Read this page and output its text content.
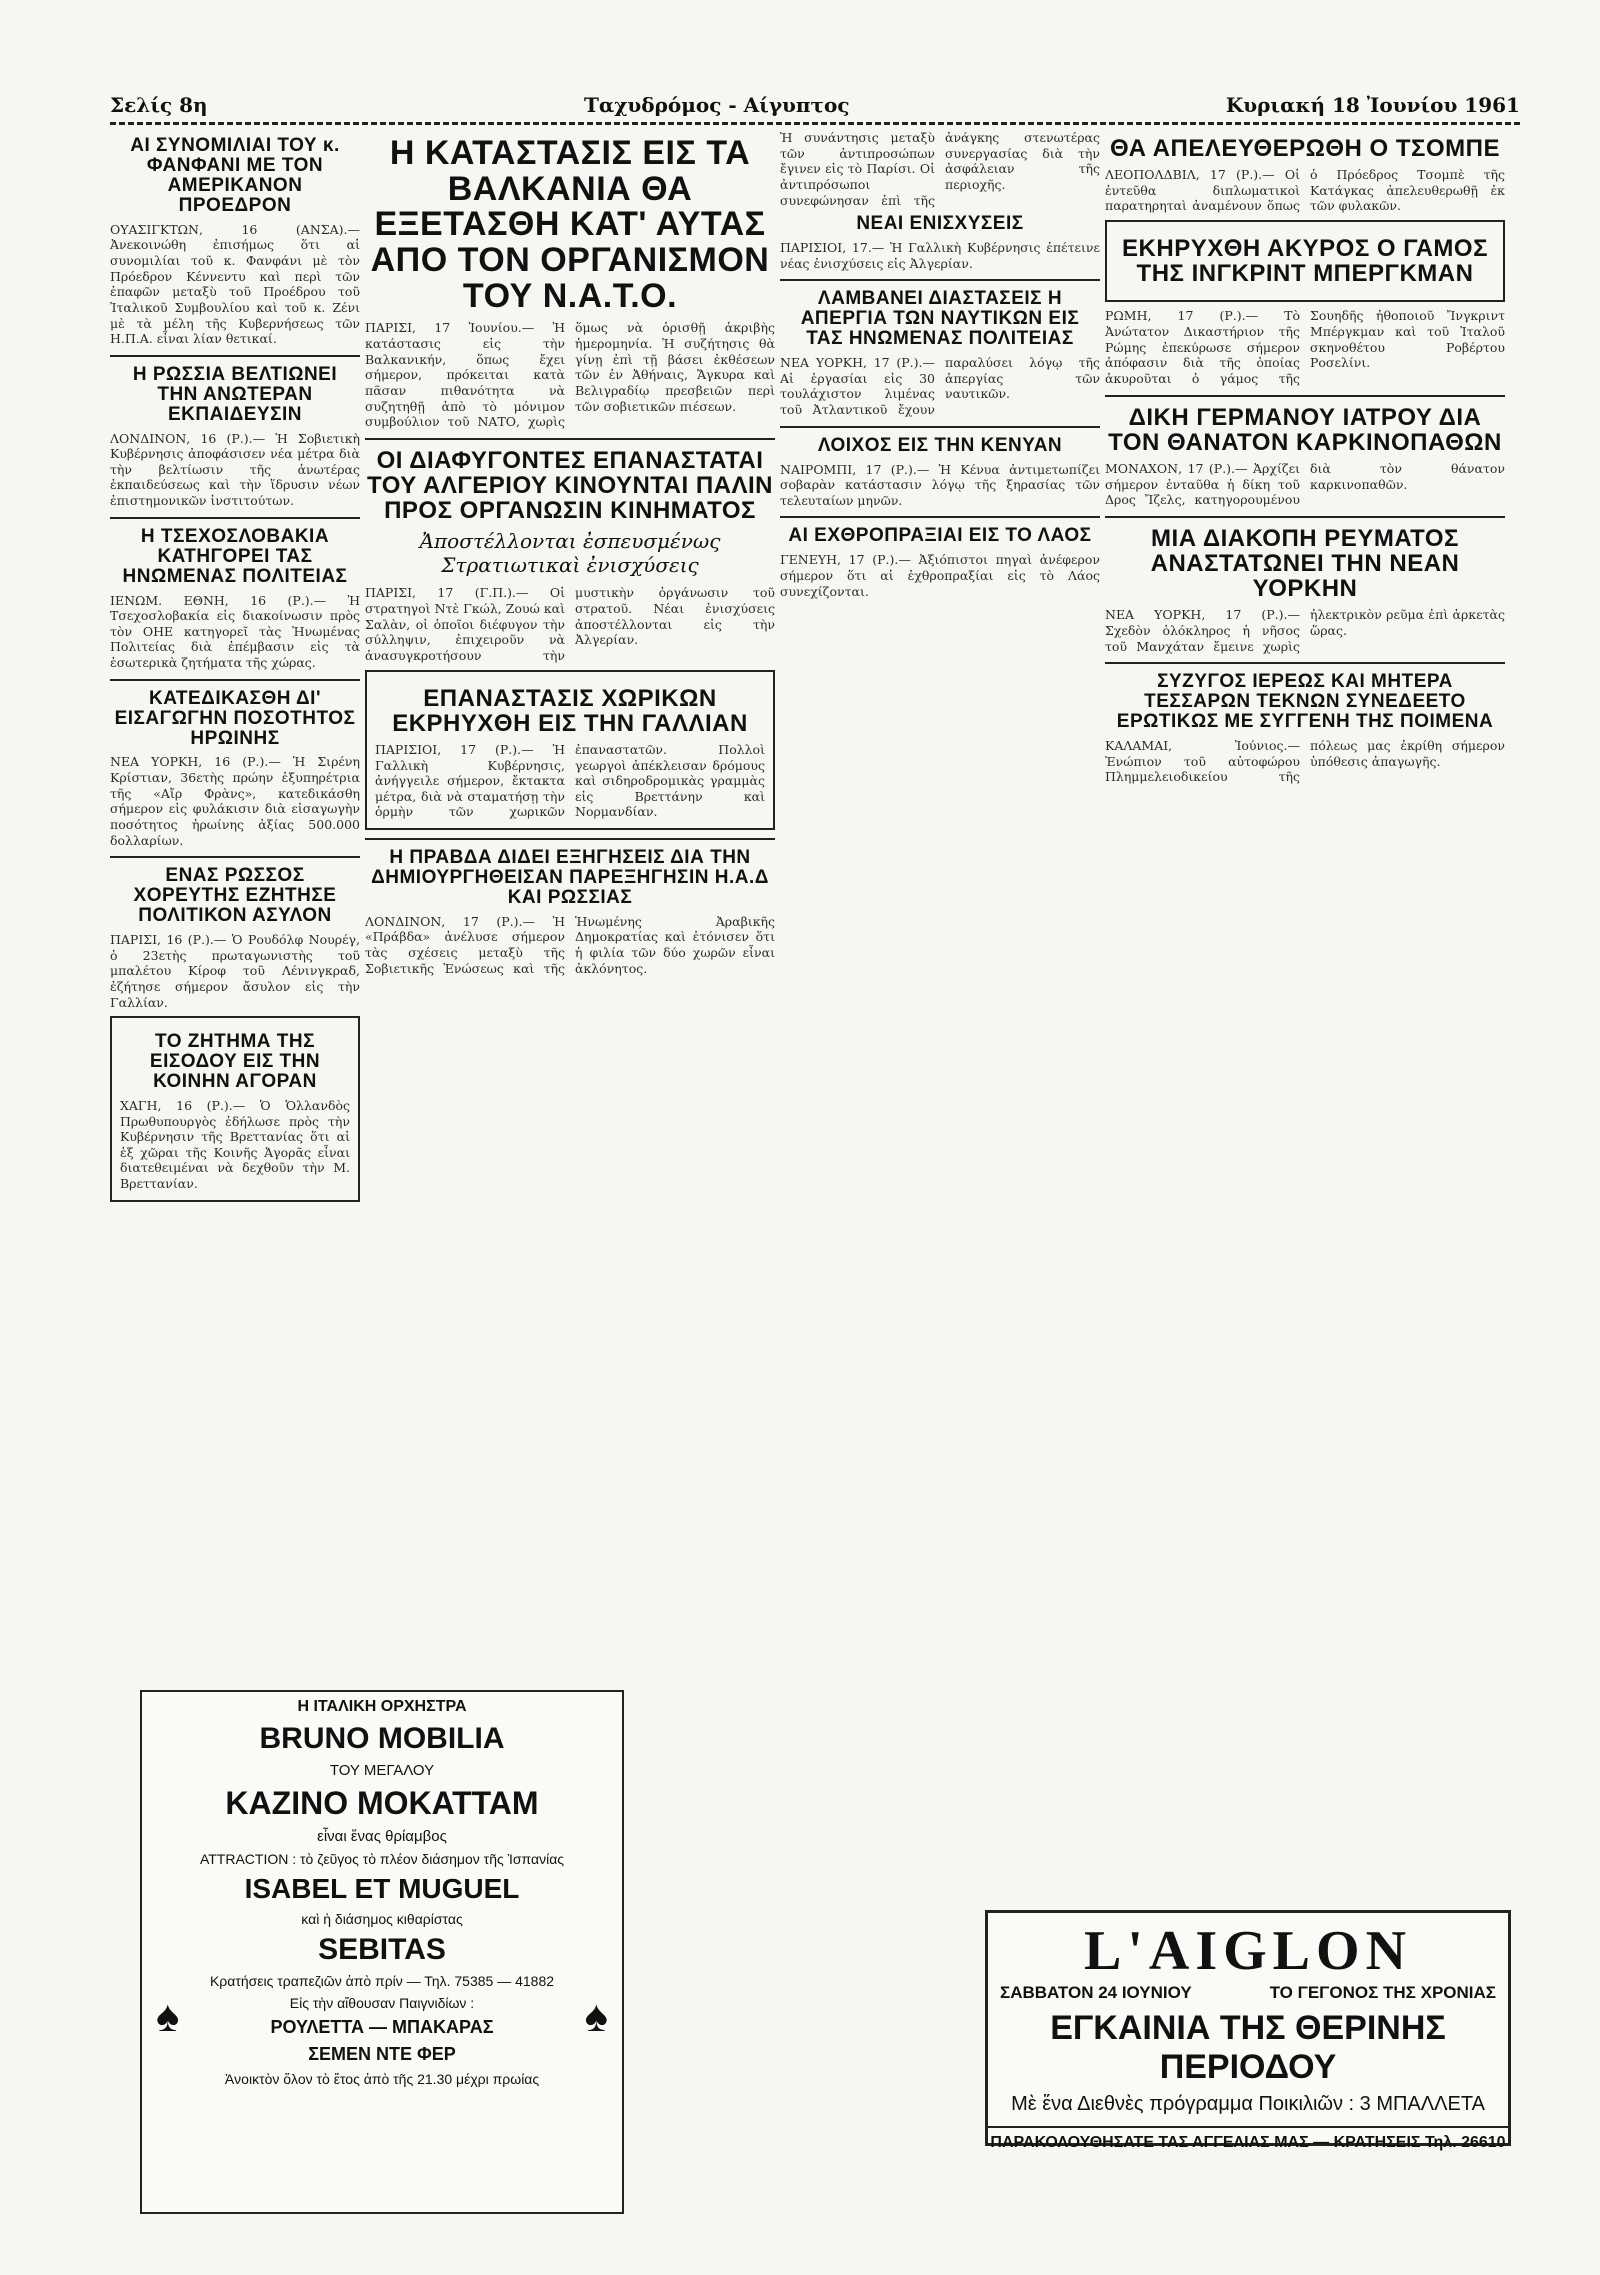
Σελίς 8η	Ταχυδρόμος - Αίγυπτος	Κυριακή 18 Ἰουνίου 1961
ΑΙ ΣΥΝΟΜΙΛΙΑΙ ΤΟΥ κ. ΦΑΝΦΑΝΙ ΜΕ ΤΟΝ ΑΜΕΡΙΚΑΝΟΝ ΠΡΟΕΔΡΟΝ

ΟΥΑΣΙΓΚΤΩΝ, 16 (ΑΝΣΑ).— Ἀνεκοινώθη ἐπισήμως ὅτι αἱ συνομιλίαι τοῦ κ. Φανφάνι μὲ τὸν Πρόεδρον Κέννεντυ καὶ περὶ τῶν ἐπαφῶν μεταξὺ τοῦ Προέδρου τοῦ Ἰταλικοῦ Συμβουλίου καὶ τοῦ κ. Ζένι μὲ τὰ μέλη τῆς Κυβερνήσεως τῶν Η.Π.Α. εἶναι λίαν θετικαί.

Η ΡΩΣΣΙΑ ΒΕΛΤΙΩΝΕΙ ΤΗΝ ΑΝΩΤΕΡΑΝ ΕΚΠΑΙΔΕΥΣΙΝ

ΛΟΝΔΙΝΟΝ, 16 (Ρ.).— Ἡ Σοβιετικὴ Κυβέρνησις ἀποφάσισεν νέα μέτρα διὰ τὴν βελτίωσιν τῆς ἀνωτέρας ἐκπαιδεύσεως καὶ τὴν ἵδρυσιν νέων ἐπιστημονικῶν ἰνστιτούτων.

Η ΤΣΕΧΟΣΛΟΒΑΚΙΑ ΚΑΤΗΓΟΡΕΙ ΤΑΣ ΗΝΩΜΕΝΑΣ ΠΟΛΙΤΕΙΑΣ

ΙΕΝΩΜ. ΕΘΝΗ, 16 (Ρ.).— Ἡ Τσεχοσλοβακία εἰς διακοίνωσιν πρὸς τὸν ΟΗΕ κατηγορεῖ τὰς Ἡνωμένας Πολιτείας διὰ ἐπέμβασιν εἰς τὰ ἐσωτερικὰ ζητήματα τῆς χώρας.

ΚΑΤΕΔΙΚΑΣΘΗ ΔΙ' ΕΙΣΑΓΩΓΗΝ ΠΟΣΟΤΗΤΟΣ ΗΡΩΙΝΗΣ

ΝΕΑ ΥΟΡΚΗ, 16 (Ρ.).— Ἡ Σιρένη Κρίστιαν, 36ετὴς πρώην ἐξυπηρέτρια τῆς «Αἴρ Φρὰνς», κατεδικάσθη σήμερον εἰς φυλάκισιν διὰ εἰσαγωγὴν ποσότητος ἡρωίνης ἀξίας 500.000 δολλαρίων.

ΕΝΑΣ ΡΩΣΣΟΣ ΧΟΡΕΥΤΗΣ ΕΖΗΤΗΣΕ ΠΟΛΙΤΙΚΟΝ ΑΣΥΛΟΝ

ΠΑΡΙΣΙ, 16 (Ρ.).— Ὁ Ρουδόλφ Νουρέγ, ὁ 23ετὴς πρωταγωνιστὴς τοῦ μπαλέτου Κίροφ τοῦ Λένινγκραδ, ἐζήτησε σήμερον ἄσυλον εἰς τὴν Γαλλίαν.

ΤΟ ΖΗΤΗΜΑ ΤΗΣ ΕΙΣΟΔΟΥ ΕΙΣ ΤΗΝ ΚΟΙΝΗΝ ΑΓΟΡΑΝ

ΧΑΓΗ, 16 (Ρ.).— Ὁ Ὁλλανδὸς Πρωθυπουργὸς ἐδήλωσε πρὸς τὴν Κυβέρνησιν τῆς Βρεττανίας ὅτι αἱ ἑξ χῶραι τῆς Κοινῆς Ἀγορᾶς εἶναι διατεθειμέναι νὰ δεχθοῦν τὴν Μ. Βρεττανίαν.

Η ΚΑΤΑΣΤΑΣΙΣ ΕΙΣ ΤΑ ΒΑΛΚΑΝΙΑ ΘΑ ΕΞΕΤΑΣΘΗ ΚΑΤ' ΑΥΤΑΣ ΑΠΟ ΤΟΝ ΟΡΓΑΝΙΣΜΟΝ ΤΟΥ Ν.Α.Τ.Ο.

ΠΑΡΙΣΙ, 17 Ἰουνίου.— Ἡ κατάστασις εἰς τὴν Βαλκανικήν, ὅπως ἔχει σήμερον, πρόκειται κατὰ πᾶσαν πιθανότητα νὰ συζητηθῇ ἀπὸ τὸ μόνιμον συμβούλιον τοῦ ΝΑΤΟ, χωρὶς ὅμως νὰ ὁρισθῇ ἀκριβὴς ἡμερομηνία. Ἡ συζήτησις θὰ γίνῃ ἐπὶ τῇ βάσει ἐκθέσεων τῶν ἐν Ἀθήναις, Ἄγκυρα καὶ Βελιγραδίῳ πρεσβειῶν περὶ τῶν σοβιετικῶν πιέσεων.

ΟΙ ΔΙΑΦΥΓΟΝΤΕΣ ΕΠΑΝΑΣΤΑΤΑΙ ΤΟΥ ΑΛΓΕΡΙΟΥ ΚΙΝΟΥΝΤΑΙ ΠΑΛΙΝ ΠΡΟΣ ΟΡΓΑΝΩΣΙΝ ΚΙΝΗΜΑΤΟΣ
Ἀποστέλλονται ἐσπευσμένως Στρατιωτικαὶ ἐνισχύσεις

ΠΑΡΙΣΙ, 17 (Γ.Π.).— Οἱ στρατηγοὶ Ντὲ Γκώλ, Ζουώ καὶ Σαλὰν, οἱ ὁποῖοι διέφυγον τὴν σύλληψιν, ἐπιχειροῦν νὰ ἀνασυγκροτήσουν τὴν μυστικὴν ὀργάνωσιν τοῦ στρατοῦ. Νέαι ἐνισχύσεις ἀποστέλλονται εἰς τὴν Ἀλγερίαν.

ΕΠΑΝΑΣΤΑΣΙΣ ΧΩΡΙΚΩΝ ΕΚΡΗΥΧΘΗ ΕΙΣ ΤΗΝ ΓΑΛΛΙΑΝ

ΠΑΡΙΣΙΟΙ, 17 (Ρ.).— Ἡ Γαλλικὴ Κυβέρνησις, ἀνήγγειλε σήμερον, ἔκτακτα μέτρα, διὰ νὰ σταματήσῃ τὴν ὁρμὴν τῶν χωρικῶν ἐπαναστατῶν. Πολλοὶ γεωργοὶ ἀπέκλεισαν δρόμους καὶ σιδηροδρομικὰς γραμμὰς εἰς Βρεττάνην καὶ Νορμανδίαν.

Η ΠΡΑΒΔΑ ΔΙΔΕΙ ΕΞΗΓΗΣΕΙΣ ΔΙΑ ΤΗΝ ΔΗΜΙΟΥΡΓΗΘΕΙΣΑΝ ΠΑΡΕΞΗΓΗΣΙΝ Η.Α.Δ ΚΑΙ ΡΩΣΣΙΑΣ

ΛΟΝΔΙΝΟΝ, 17 (Ρ.).— Ἡ «Πράβδα» ἀνέλυσε σήμερον τὰς σχέσεις μεταξὺ τῆς Σοβιετικῆς Ἑνώσεως καὶ τῆς Ἡνωμένης Ἀραβικῆς Δημοκρατίας καὶ ἐτόνισεν ὅτι ἡ φιλία τῶν δύο χωρῶν εἶναι ἀκλόνητος.

Ἡ συνάντησις μεταξὺ τῶν ἀντιπροσώπων ἔγινεν εἰς τὸ Παρίσι. Οἱ ἀντιπρόσωποι συνεφώνησαν ἐπὶ τῆς ἀνάγκης στενωτέρας συνεργασίας διὰ τὴν ἀσφάλειαν τῆς περιοχῆς.

ΝΕΑΙ ΕΝΙΣΧΥΣΕΙΣ

ΠΑΡΙΣΙΟΙ, 17.— Ἡ Γαλλικὴ Κυβέρνησις ἐπέτεινε νέας ἐνισχύσεις εἰς Ἀλγερίαν.

ΛΑΜΒΑΝΕΙ ΔΙΑΣΤΑΣΕΙΣ Η ΑΠΕΡΓΙΑ ΤΩΝ ΝΑΥΤΙΚΩΝ ΕΙΣ ΤΑΣ ΗΝΩΜΕΝΑΣ ΠΟΛΙΤΕΙΑΣ

ΝΕΑ ΥΟΡΚΗ, 17 (Ρ.).— Αἱ ἐργασίαι εἰς 30 τουλάχιστον λιμένας τοῦ Ἀτλαντικοῦ ἔχουν παραλύσει λόγῳ τῆς ἀπεργίας τῶν ναυτικῶν.

ΛΟΙΧΟΣ ΕΙΣ ΤΗΝ ΚΕΝΥΑΝ

ΝΑΙΡΟΜΠΙ, 17 (Ρ.).— Ἡ Κένυα ἀντιμετωπίζει σοβαρὰν κατάστασιν λόγῳ τῆς ξηρασίας τῶν τελευταίων μηνῶν.

ΑΙ ΕΧΘΡΟΠΡΑΞΙΑΙ ΕΙΣ ΤΟ ΛΑΟΣ

ΓΕΝΕΥΗ, 17 (Ρ.).— Ἀξιόπιστοι πηγαὶ ἀνέφερον σήμερον ὅτι αἱ ἐχθροπραξίαι εἰς τὸ Λάος συνεχίζονται.

ΘΑ ΑΠΕΛΕΥΘΕΡΩΘΗ Ο ΤΣΟΜΠΕ

ΛΕΟΠΟΛΔΒΙΛ, 17 (Ρ.).— Οἱ ἐντεῦθα διπλωματικοὶ παρατηρηταὶ ἀναμένουν ὅπως ὁ Πρόεδρος Τσομπὲ τῆς Κατάγκας ἀπελευθερωθῇ ἐκ τῶν φυλακῶν.

ΕΚΗΡΥΧΘΗ ΑΚΥΡΟΣ Ο ΓΑΜΟΣ ΤΗΣ ΙΝΓΚΡΙΝΤ ΜΠΕΡΓΚΜΑΝ

ΡΩΜΗ, 17 (Ρ.).— Τὸ Ἀνώτατον Δικαστήριον τῆς Ρώμης ἐπεκύρωσε σήμερον ἀπόφασιν διὰ τῆς ὁποίας ἀκυροῦται ὁ γάμος τῆς Σουηδῆς ἠθοποιοῦ Ἴνγκριντ Μπέργκμαν καὶ τοῦ Ἰταλοῦ σκηνοθέτου Ροβέρτου Ροσελίνι.

ΔΙΚΗ ΓΕΡΜΑΝΟΥ ΙΑΤΡΟΥ ΔΙΑ ΤΟΝ ΘΑΝΑΤΟΝ ΚΑΡΚΙΝΟΠΑΘΩΝ

ΜΟΝΑΧΟΝ, 17 (Ρ.).— Ἀρχίζει σήμερον ἐνταῦθα ἡ δίκη τοῦ Δρος Ἴζελς, κατηγορουμένου διὰ τὸν θάνατον καρκινοπαθῶν.

ΜΙΑ ΔΙΑΚΟΠΗ ΡΕΥΜΑΤΟΣ ΑΝΑΣΤΑΤΩΝΕΙ ΤΗΝ ΝΕΑΝ ΥΟΡΚΗΝ

ΝΕΑ ΥΟΡΚΗ, 17 (Ρ.).— Σχεδὸν ὁλόκληρος ἡ νῆσος τοῦ Μανχάταν ἔμεινε χωρὶς ἠλεκτρικὸν ρεῦμα ἐπὶ ἀρκετὰς ὥρας.

ΣΥΖΥΓΟΣ ΙΕΡΕΩΣ ΚΑΙ ΜΗΤΕΡΑ ΤΕΣΣΑΡΩΝ ΤΕΚΝΩΝ ΣΥΝΕΔΕΕΤΟ ΕΡΩΤΙΚΩΣ ΜΕ ΣΥΓΓΕΝΗ ΤΗΣ ΠΟΙΜΕΝΑ

ΚΑΛΑΜΑΙ, Ἰούνιος.— Ἐνώπιον τοῦ αὐτοφώρου Πλημμελειοδικείου τῆς πόλεως μας ἐκρίθη σήμερον ὑπόθεσις ἀπαγωγῆς.

Η ΙΤΑΛΙΚΗ ΟΡΧΗΣΤΡΑ
BRUNO MOBILIA
ΤΟΥ ΜΕΓΑΛΟΥ
ΚΑΖΙΝΟ ΜΟΚΑΤΤΑΜ
εἶναι ἕνας θρίαμβος
ATTRACTION : τὸ ζεῦγος τὸ πλέον διάσημον τῆς Ἰσπανίας
ISABEL ET MUGUEL
καὶ ἡ διάσημος κιθαρίστας
SEBITAS
Κρατήσεις τραπεζιῶν ἀπὸ πρίν — Τηλ. 75385 — 41882
Εἰς τὴν αἴθουσαν Παιγνιδίων :
ΡΟΥΛΕΤΤΑ — ΜΠΑΚΑΡΑΣ
ΣΕΜΕΝ ΝΤΕ ΦΕΡ
Ἀνοικτὸν ὅλον τὸ ἔτος ἀπὸ τῆς 21.30 μέχρι πρωίας
♠	♠
L'AIGLON
ΣΑΒΒΑΤΟΝ 24 ΙΟΥΝΙΟΥ	ΤΟ ΓΕΓΟΝΟΣ ΤΗΣ ΧΡΟΝΙΑΣ
ΕΓΚΑΙΝΙΑ ΤΗΣ ΘΕΡΙΝΗΣ ΠΕΡΙΟΔΟΥ
Μὲ ἕνα Διεθνὲς πρόγραμμα Ποικιλιῶν : 3 ΜΠΑΛΛΕΤΑ
ΠΑΡΑΚΟΛΟΥΘΗΣΑΤΕ ΤΑΣ ΑΓΓΕΛΙΑΣ ΜΑΣ — ΚΡΑΤΗΣΕΙΣ Τηλ. 26610
